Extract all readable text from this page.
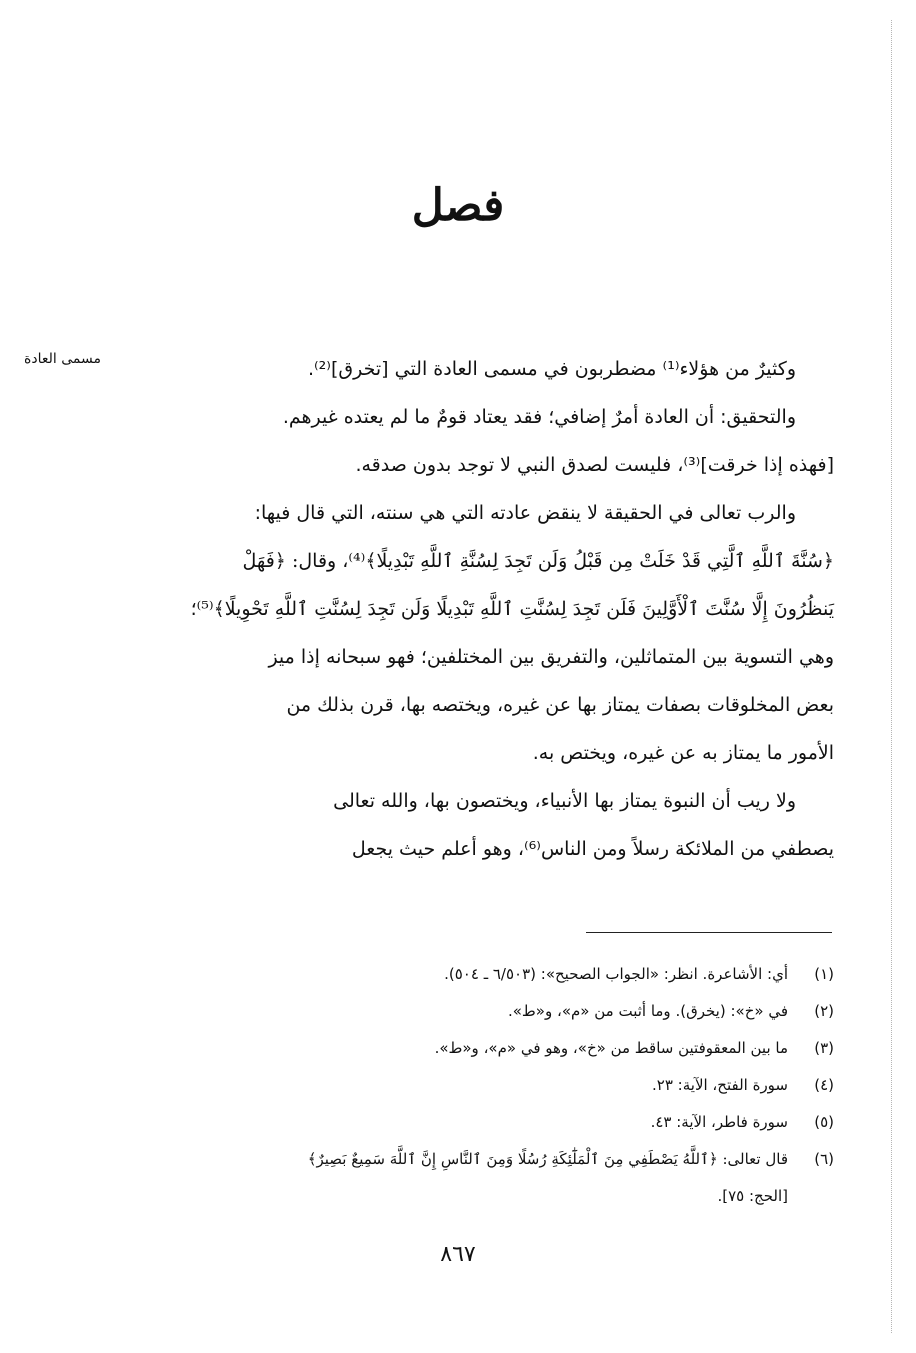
فصل
مسمى العادة	وكثيرٌ من هؤلاء⁽¹⁾ مضطربون في مسمى العادة التي [تخرق]⁽²⁾.
والتحقيق: أن العادة أمرٌ إضافي؛ فقد يعتاد قومٌ ما لم يعتده غيرهم.
[فهذه إذا خرقت]⁽³⁾، فليست لصدق النبي لا توجد بدون صدقه.
والرب تعالى في الحقيقة لا ينقض عادته التي هي سنته، التي قال فيها:
﴿سُنَّةَ ٱللَّهِ ٱلَّتِي قَدْ خَلَتْ مِن قَبْلُ وَلَن تَجِدَ لِسُنَّةِ ٱللَّهِ تَبْدِيلًا﴾⁽⁴⁾، وقال: ﴿فَهَلْ
يَنظُرُونَ إِلَّا سُنَّتَ ٱلْأَوَّلِينَ فَلَن تَجِدَ لِسُنَّتِ ٱللَّهِ تَبْدِيلًا وَلَن تَجِدَ لِسُنَّتِ ٱللَّهِ تَحْوِيلًا﴾⁽⁵⁾؛
وهي التسوية بين المتماثلين، والتفريق بين المختلفين؛ فهو سبحانه إذا ميز
بعض المخلوقات بصفات يمتاز بها عن غيره، ويختصه بها، قرن بذلك من
الأمور ما يمتاز به عن غيره، ويختص به.
ولا ريب أن النبوة يمتاز بها الأنبياء، ويختصون بها، والله تعالى
يصطفي من الملائكة رسلاً ومن الناس⁽⁶⁾، وهو أعلم حيث يجعل
(١)
أي: الأشاعرة. انظر: «الجواب الصحيح»: (٦/٥٠٣ ـ ٥٠٤).
(٢)
في «خ»: (يخرق). وما أثبت من «م»، و«ط».
(٣)
ما بين المعقوفتين ساقط من «خ»، وهو في «م»، و«ط».
(٤)
سورة الفتح، الآية: ٢٣.
(٥)
سورة فاطر، الآية: ٤٣.
(٦)
قال تعالى: ﴿ٱللَّهُ يَصْطَفِي مِنَ ٱلْمَلَٰٓئِكَةِ رُسُلًا وَمِنَ ٱلنَّاسِ إِنَّ ٱللَّهَ سَمِيعٌ بَصِيرٌ﴾
[الحج: ٧٥].
٨٦٧
